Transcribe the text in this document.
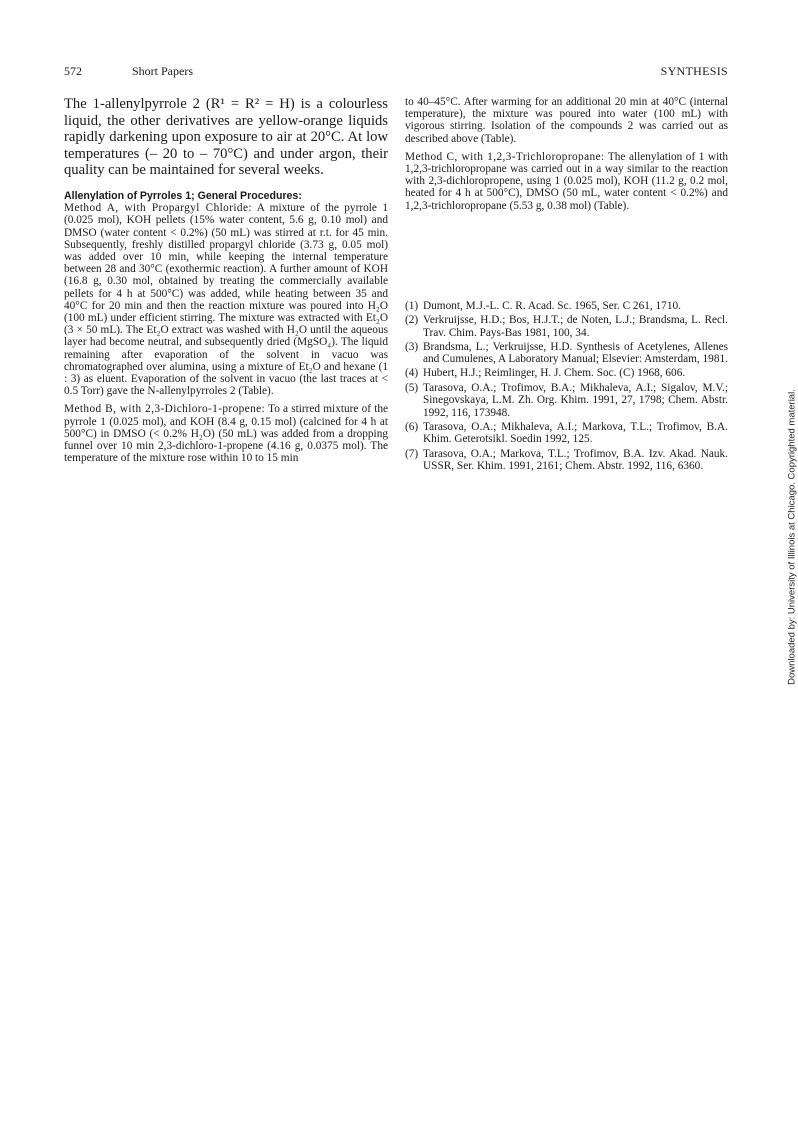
572	Short Papers	SYNTHESIS

The 1-allenylpyrrole 2 (R¹ = R² = H) is a colourless liquid, the other derivatives are yellow-orange liquids rapidly darkening upon exposure to air at 20°C. At low temperatures (– 20 to – 70°C) and under argon, their quality can be maintained for several weeks.

Allenylation of Pyrroles 1; General Procedures:

Method A, with Propargyl Chloride: A mixture of the pyrrole 1 (0.025 mol), KOH pellets (15% water content, 5.6 g, 0.10 mol) and DMSO (water content < 0.2%) (50 mL) was stirred at r.t. for 45 min. Subsequently, freshly distilled propargyl chloride (3.73 g, 0.05 mol) was added over 10 min, while keeping the internal temperature between 28 and 30°C (exothermic reaction). A further amount of KOH (16.8 g, 0.30 mol, obtained by treating the commercially available pellets for 4 h at 500°C) was added, while heating between 35 and 40°C for 20 min and then the reaction mixture was poured into H₂O (100 mL) under efficient stirring. The mixture was extracted with Et₂O (3 × 50 mL). The Et₂O extract was washed with H₂O until the aqueous layer had become neutral, and subsequently dried (MgSO₄). The liquid remaining after evaporation of the solvent in vacuo was chromatographed over alumina, using a mixture of Et₂O and hexane (1 : 3) as eluent. Evaporation of the solvent in vacuo (the last traces at < 0.5 Torr) gave the N-allenylpyrroles 2 (Table).

Method B, with 2,3-Dichloro-1-propene: To a stirred mixture of the pyrrole 1 (0.025 mol), and KOH (8.4 g, 0.15 mol) (calcined for 4 h at 500°C) in DMSO (< 0.2% H₂O) (50 mL) was added from a dropping funnel over 10 min 2,3-dichloro-1-propene (4.16 g, 0.0375 mol). The temperature of the mixture rose within 10 to 15 min

to 40–45°C. After warming for an additional 20 min at 40°C (internal temperature), the mixture was poured into water (100 mL) with vigorous stirring. Isolation of the compounds 2 was carried out as described above (Table).

Method C, with 1,2,3-Trichloropropane: The allenylation of 1 with 1,2,3-trichloropropane was carried out in a way similar to the reaction with 2,3-dichloropropene, using 1 (0.025 mol), KOH (11.2 g, 0.2 mol, heated for 4 h at 500°C), DMSO (50 mL, water content < 0.2%) and 1,2,3-trichloropropane (5.53 g, 0.38 mol) (Table).

(1) Dumont, M.J.-L. C. R. Acad. Sc. 1965, Ser. C 261, 1710.
(2) Verkruijsse, H.D.; Bos, H.J.T.; de Noten, L.J.; Brandsma, L. Recl. Trav. Chim. Pays-Bas 1981, 100, 34.
(3) Brandsma, L.; Verkruijsse, H.D. Synthesis of Acetylenes, Allenes and Cumulenes, A Laboratory Manual; Elsevier: Amsterdam, 1981.
(4) Hubert, H.J.; Reimlinger, H. J. Chem. Soc. (C) 1968, 606.
(5) Tarasova, O.A.; Trofimov, B.A.; Mikhaleva, A.I.; Sigalov, M.V.; Sinegovskaya, L.M. Zh. Org. Khim. 1991, 27, 1798; Chem. Abstr. 1992, 116, 173948.
(6) Tarasova, O.A.; Mikhaleva, A.I.; Markova, T.L.; Trofimov, B.A. Khim. Geterotsikl. Soedin 1992, 125.
(7) Tarasova, O.A.; Markova, T.L.; Trofimov, B.A. Izv. Akad. Nauk. USSR, Ser. Khim. 1991, 2161; Chem. Abstr. 1992, 116, 6360.	Downloaded by: University of Illinois at Chicago. Copyrighted material.
